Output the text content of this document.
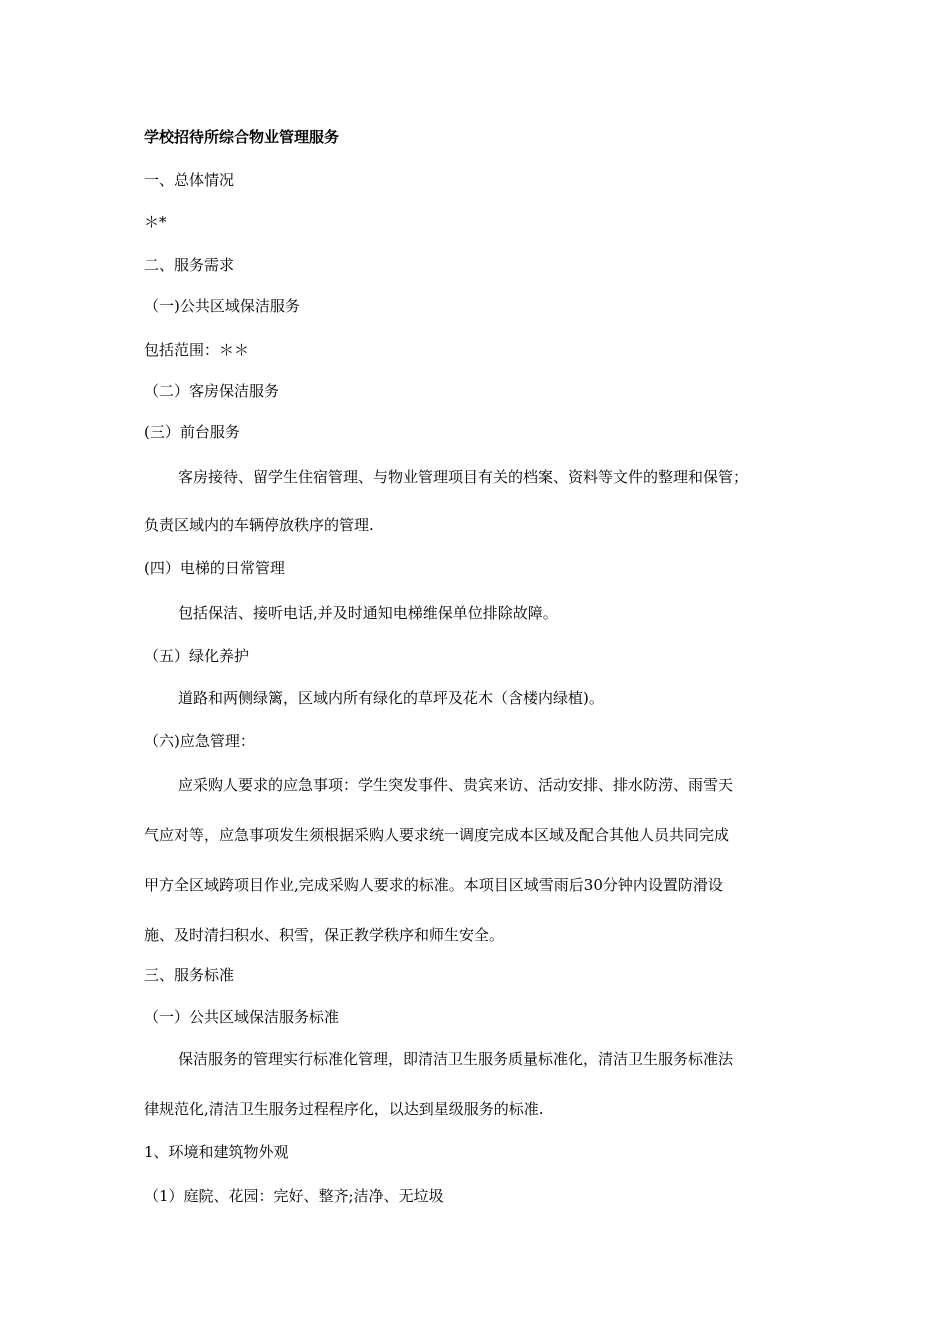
学校招待所综合物业管理服务
一、总体情况
＊*
二、服务需求
（一)公共区域保洁服务
包括范围：＊＊
（二）客房保洁服务
(三）前台服务
客房接待、留学生住宿管理、与物业管理项目有关的档案、资料等文件的整理和保管；
负责区域内的车辆停放秩序的管理.
(四）电梯的日常管理
包括保洁、接听电话,并及时通知电梯维保单位排除故障。
（五）绿化养护
道路和两侧绿篱，区域内所有绿化的草坪及花木（含楼内绿植)。
（六)应急管理：
应采购人要求的应急事项：学生突发事件、贵宾来访、活动安排、排水防涝、雨雪天
气应对等，应急事项发生须根据采购人要求统一调度完成本区域及配合其他人员共同完成
甲方全区域跨项目作业,完成采购人要求的标准。本项目区域雪雨后30分钟内设置防滑设
施、及时清扫积水、积雪，保正教学秩序和师生安全。
三、服务标准
（一）公共区域保洁服务标准
保洁服务的管理实行标准化管理，即清洁卫生服务质量标准化，清洁卫生服务标准法
律规范化,清洁卫生服务过程程序化，以达到星级服务的标准.
1、环境和建筑物外观
（1）庭院、花园：完好、整齐;洁净、无垃圾
